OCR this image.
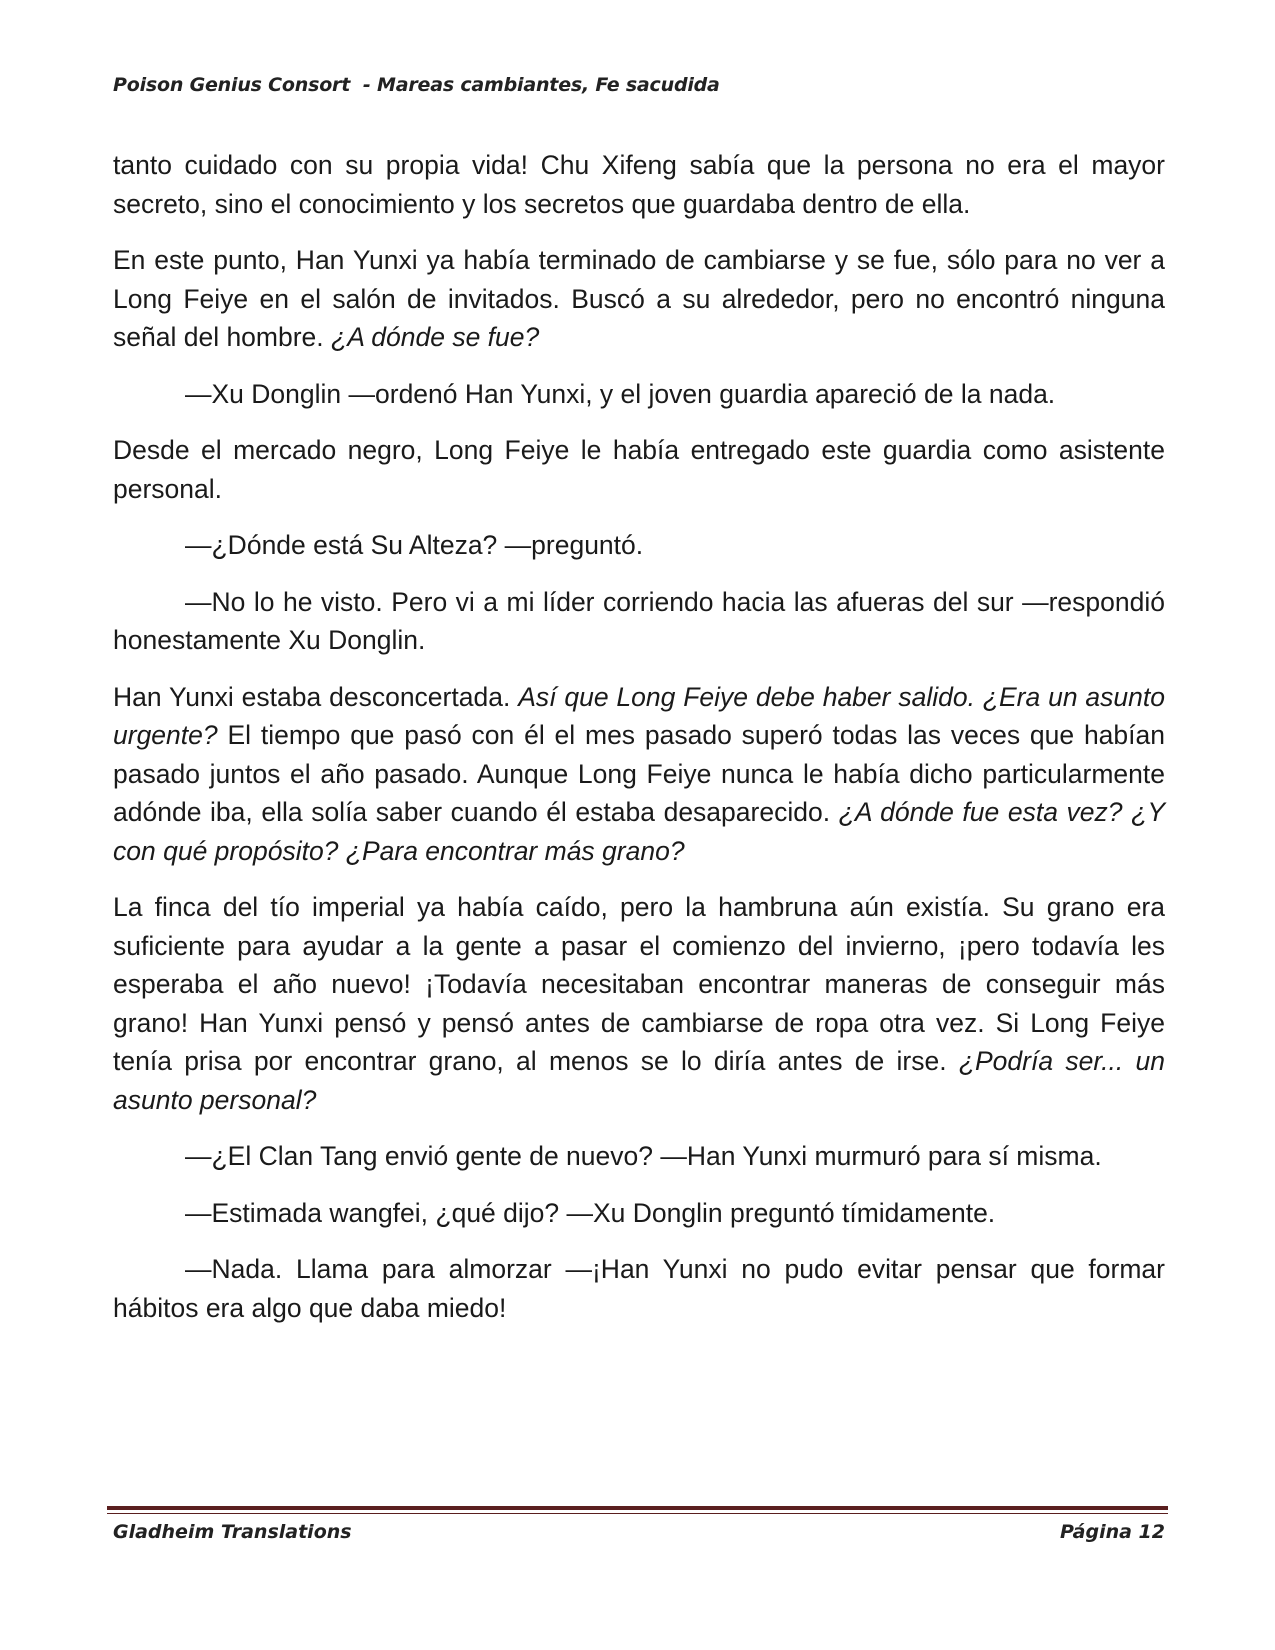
Poison Genius Consort  - Mareas cambiantes, Fe sacudida

tanto cuidado con su propia vida! Chu Xifeng sabía que la persona no era el mayor secreto, sino el conocimiento y los secretos que guardaba dentro de ella.

En este punto, Han Yunxi ya había terminado de cambiarse y se fue, sólo para no ver a Long Feiye en el salón de invitados. Buscó a su alrededor, pero no encontró ninguna señal del hombre. ¿A dónde se fue?

—Xu Donglin —ordenó Han Yunxi, y el joven guardia apareció de la nada.

Desde el mercado negro, Long Feiye le había entregado este guardia como asistente personal.

—¿Dónde está Su Alteza? —preguntó.

—No lo he visto. Pero vi a mi líder corriendo hacia las afueras del sur —respondió honestamente Xu Donglin.

Han Yunxi estaba desconcertada. Así que Long Feiye debe haber salido. ¿Era un asunto urgente? El tiempo que pasó con él el mes pasado superó todas las veces que habían pasado juntos el año pasado. Aunque Long Feiye nunca le había dicho particularmente adónde iba, ella solía saber cuando él estaba desaparecido. ¿A dónde fue esta vez? ¿Y con qué propósito? ¿Para encontrar más grano?

La finca del tío imperial ya había caído, pero la hambruna aún existía. Su grano era suficiente para ayudar a la gente a pasar el comienzo del invierno, ¡pero todavía les esperaba el año nuevo! ¡Todavía necesitaban encontrar maneras de conseguir más grano! Han Yunxi pensó y pensó antes de cambiarse de ropa otra vez. Si Long Feiye tenía prisa por encontrar grano, al menos se lo diría antes de irse. ¿Podría ser... un asunto personal?

—¿El Clan Tang envió gente de nuevo? —Han Yunxi murmuró para sí misma.

—Estimada wangfei, ¿qué dijo? —Xu Donglin preguntó tímidamente.

—Nada. Llama para almorzar —¡Han Yunxi no pudo evitar pensar que formar hábitos era algo que daba miedo!

Gladheim Translations	Página 12
